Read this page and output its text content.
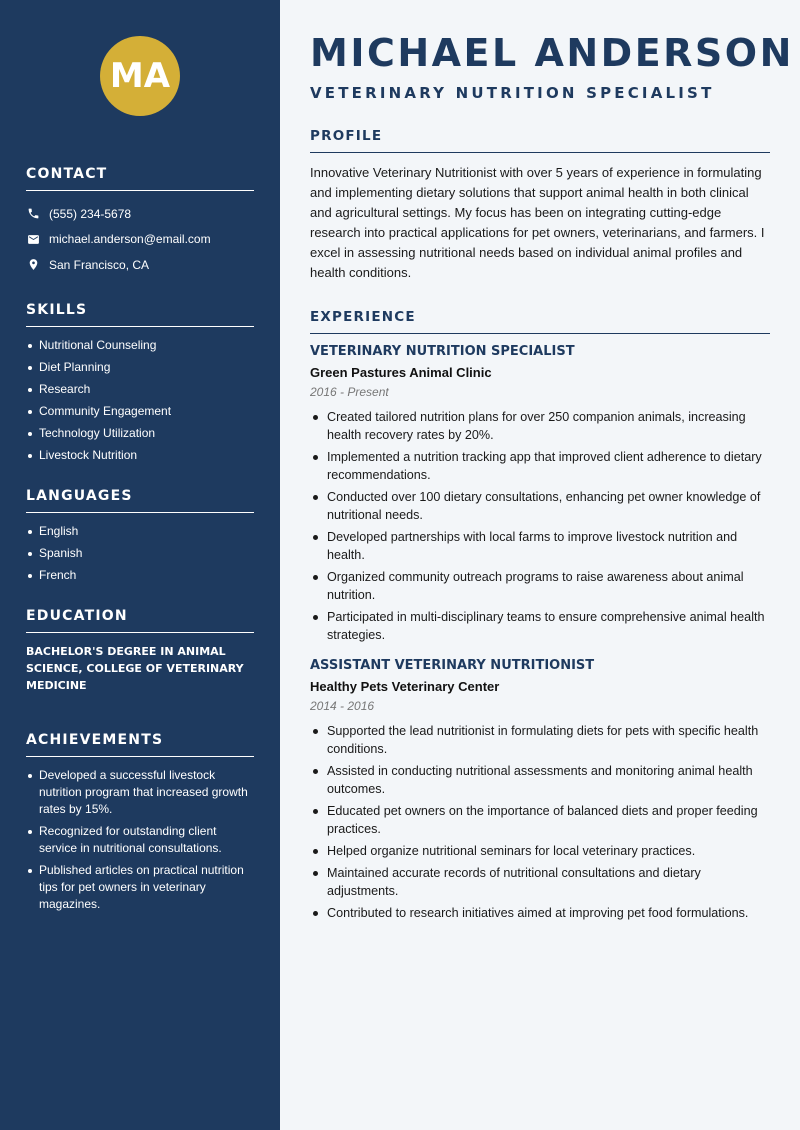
MA
CONTACT
(555) 234-5678
michael.anderson@email.com
San Francisco, CA
SKILLS
Nutritional Counseling
Diet Planning
Research
Community Engagement
Technology Utilization
Livestock Nutrition
LANGUAGES
English
Spanish
French
EDUCATION

BACHELOR'S DEGREE IN ANIMAL SCIENCE, COLLEGE OF VETERINARY MEDICINE

ACHIEVEMENTS
Developed a successful livestock nutrition program that increased growth rates by 15%.
Recognized for outstanding client service in nutritional consultations.
Published articles on practical nutrition tips for pet owners in veterinary magazines.
MICHAEL ANDERSON
VETERINARY NUTRITION SPECIALIST
PROFILE

Innovative Veterinary Nutritionist with over 5 years of experience in formulating and implementing dietary solutions that support animal health in both clinical and agricultural settings. My focus has been on integrating cutting-edge research into practical applications for pet owners, veterinarians, and farmers. I excel in assessing nutritional needs based on individual animal profiles and health conditions.

EXPERIENCE
VETERINARY NUTRITION SPECIALIST
Green Pastures Animal Clinic
2016 - Present
Created tailored nutrition plans for over 250 companion animals, increasing health recovery rates by 20%.
Implemented a nutrition tracking app that improved client adherence to dietary recommendations.
Conducted over 100 dietary consultations, enhancing pet owner knowledge of nutritional needs.
Developed partnerships with local farms to improve livestock nutrition and health.
Organized community outreach programs to raise awareness about animal nutrition.
Participated in multi-disciplinary teams to ensure comprehensive animal health strategies.
ASSISTANT VETERINARY NUTRITIONIST
Healthy Pets Veterinary Center
2014 - 2016
Supported the lead nutritionist in formulating diets for pets with specific health conditions.
Assisted in conducting nutritional assessments and monitoring animal health outcomes.
Educated pet owners on the importance of balanced diets and proper feeding practices.
Helped organize nutritional seminars for local veterinary practices.
Maintained accurate records of nutritional consultations and dietary adjustments.
Contributed to research initiatives aimed at improving pet food formulations.
